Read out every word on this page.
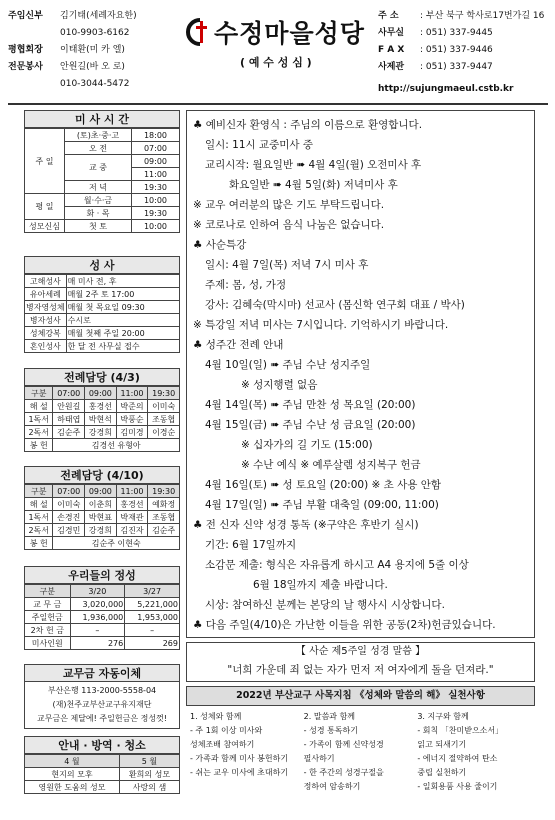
주임신부	김기태(세례자요한)
010-9903-6162
평협회장	이태환(미 카 엘)
전문봉사	안원길(바 오 로)
010-3044-5472
수정마을성당
( 예 수 성 심 )
주 소	: 부산 북구 학사로17번가길 16
사무실	: 051) 337-9445
F A X	: 051) 337-9446
사제관	: 051) 337-9447
http://sujungmaeul.cstb.kr
미 사 시 간
주 일	(토)초·중·고	18:00
	오 전	07:00
	교 중	09:00
		11:00
	저 녁	19:30
평 일	월·수·금	10:00
	화 · 목	19:30
성모신심	첫 토	10:00
성 사
고해성사	매 미사 전, 후
유아세례	매월 2주 토 17:00
병자영성체	매월 첫 목요일 09:30
병자성사	수시로
성체강복	매월 첫째 주일 20:00
혼인성사	한 달 전 사무실 접수
전례담당 (4/3)
구분	07:00	09:00	11:00	19:30
해 설	안원길	홍경선	박준의	이미숙
1독서	하태엽	박현석	박풍순	조동협
2독서	김순주	강경희	김미경	이경순
봉 헌	김경선 유형아			
전례담당 (4/10)
구분	07:00	09:00	11:00	19:30
해 설	이미숙	이춘희	홍경선	예화정
1독서	손경진	박현표	박재관	조동협
2독서	김경민	강경희	김진자	김순주
봉 헌	김순주 이현숙			
우리들의 정성
구분	3/20	3/27
교 무 금	3,020,000	5,221,000
주일헌금	1,936,000	1,953,000
2차 헌 금	–	–
미사인원	276	269
교무금 자동이체
부산은행 113-2000-5558-04
(재)천주교부산교구유지재단
교무금은 제달에! 주일헌금은 정성껏!
안내 · 방역 · 청소
4 월	5 월
현지의 모후	환희의 성모
영원한 도움의 성모	사랑의 샘
♣ 예비신자 환영식 : 주님의 이름으로 환영합니다.
일시: 11시 교중미사 중
교리시작: 월요일반 ➠ 4월 4일(월) 오전미사 후
화요일반 ➠ 4월 5일(화) 저녁미사 후
※ 교우 여러분의 많은 기도 부탁드립니다.
※ 코로나로 인하여 음식 나눔은 없습니다.
♣ 사순특강
일시: 4월 7일(목) 저녁 7시 미사 후
주제: 몸, 성, 가정
강사: 김혜숙(막시마) 선교사 (몸신학 연구회 대표 / 박사)
※ 특강일 저녁 미사는 7시입니다. 기억하시기 바랍니다.
♣ 성주간 전례 안내
4월 10일(일) ➠ 주님 수난 성지주일
※ 성지행렬 없음
4월 14일(목) ➠ 주님 만찬 성 목요일 (20:00)
4월 15일(금) ➠ 주님 수난 성 금요일 (20:00)
※ 십자가의 길 기도 (15:00)
※ 수난 예식 ※ 예루살렘 성지복구 헌금
4월 16일(토) ➠ 성 토요일 (20:00) ※ 초 사용 안함
4월 17일(일) ➠ 주님 부활 대축일 (09:00, 11:00)
♣ 전 신자 신약 성경 통독 (※구약은 후반기 실시)
기간: 6월 17일까지
소감문 제출: 형식은 자유롭게 하시고 A4 용지에 5줄 이상
6월 18일까지 제출 바랍니다.
시상: 참여하신 분께는 본당의 날 행사시 시상합니다.
♣ 다음 주일(4/10)은 가난한 이들을 위한 공동(2차)헌금있습니다.
【 사순 제5주일 성경 말씀 】
"너희 가운데 죄 없는 자가 먼저 저 여자에게 돌을 던져라."
2022년 부산교구 사목지침 《성체와 말씀의 해》 실천사항
1. 성체와 함께
- 주 1회 이상 미사와
성체조배 참여하기
- 가족과 함께 미사 봉헌하기
- 쉬는 교우 미사에 초대하기
2. 말씀과 함께
- 성경 통독하기
- 가족이 함께 신약성경
필사하기
- 한 주간의 성경구절을
정하여 암송하기
3. 지구와 함께
- 회칙 「찬미받으소서」
읽고 되새기기
- 에너지 절약하여 탄소
중립 실천하기
- 일회용품 사용 줄이기
